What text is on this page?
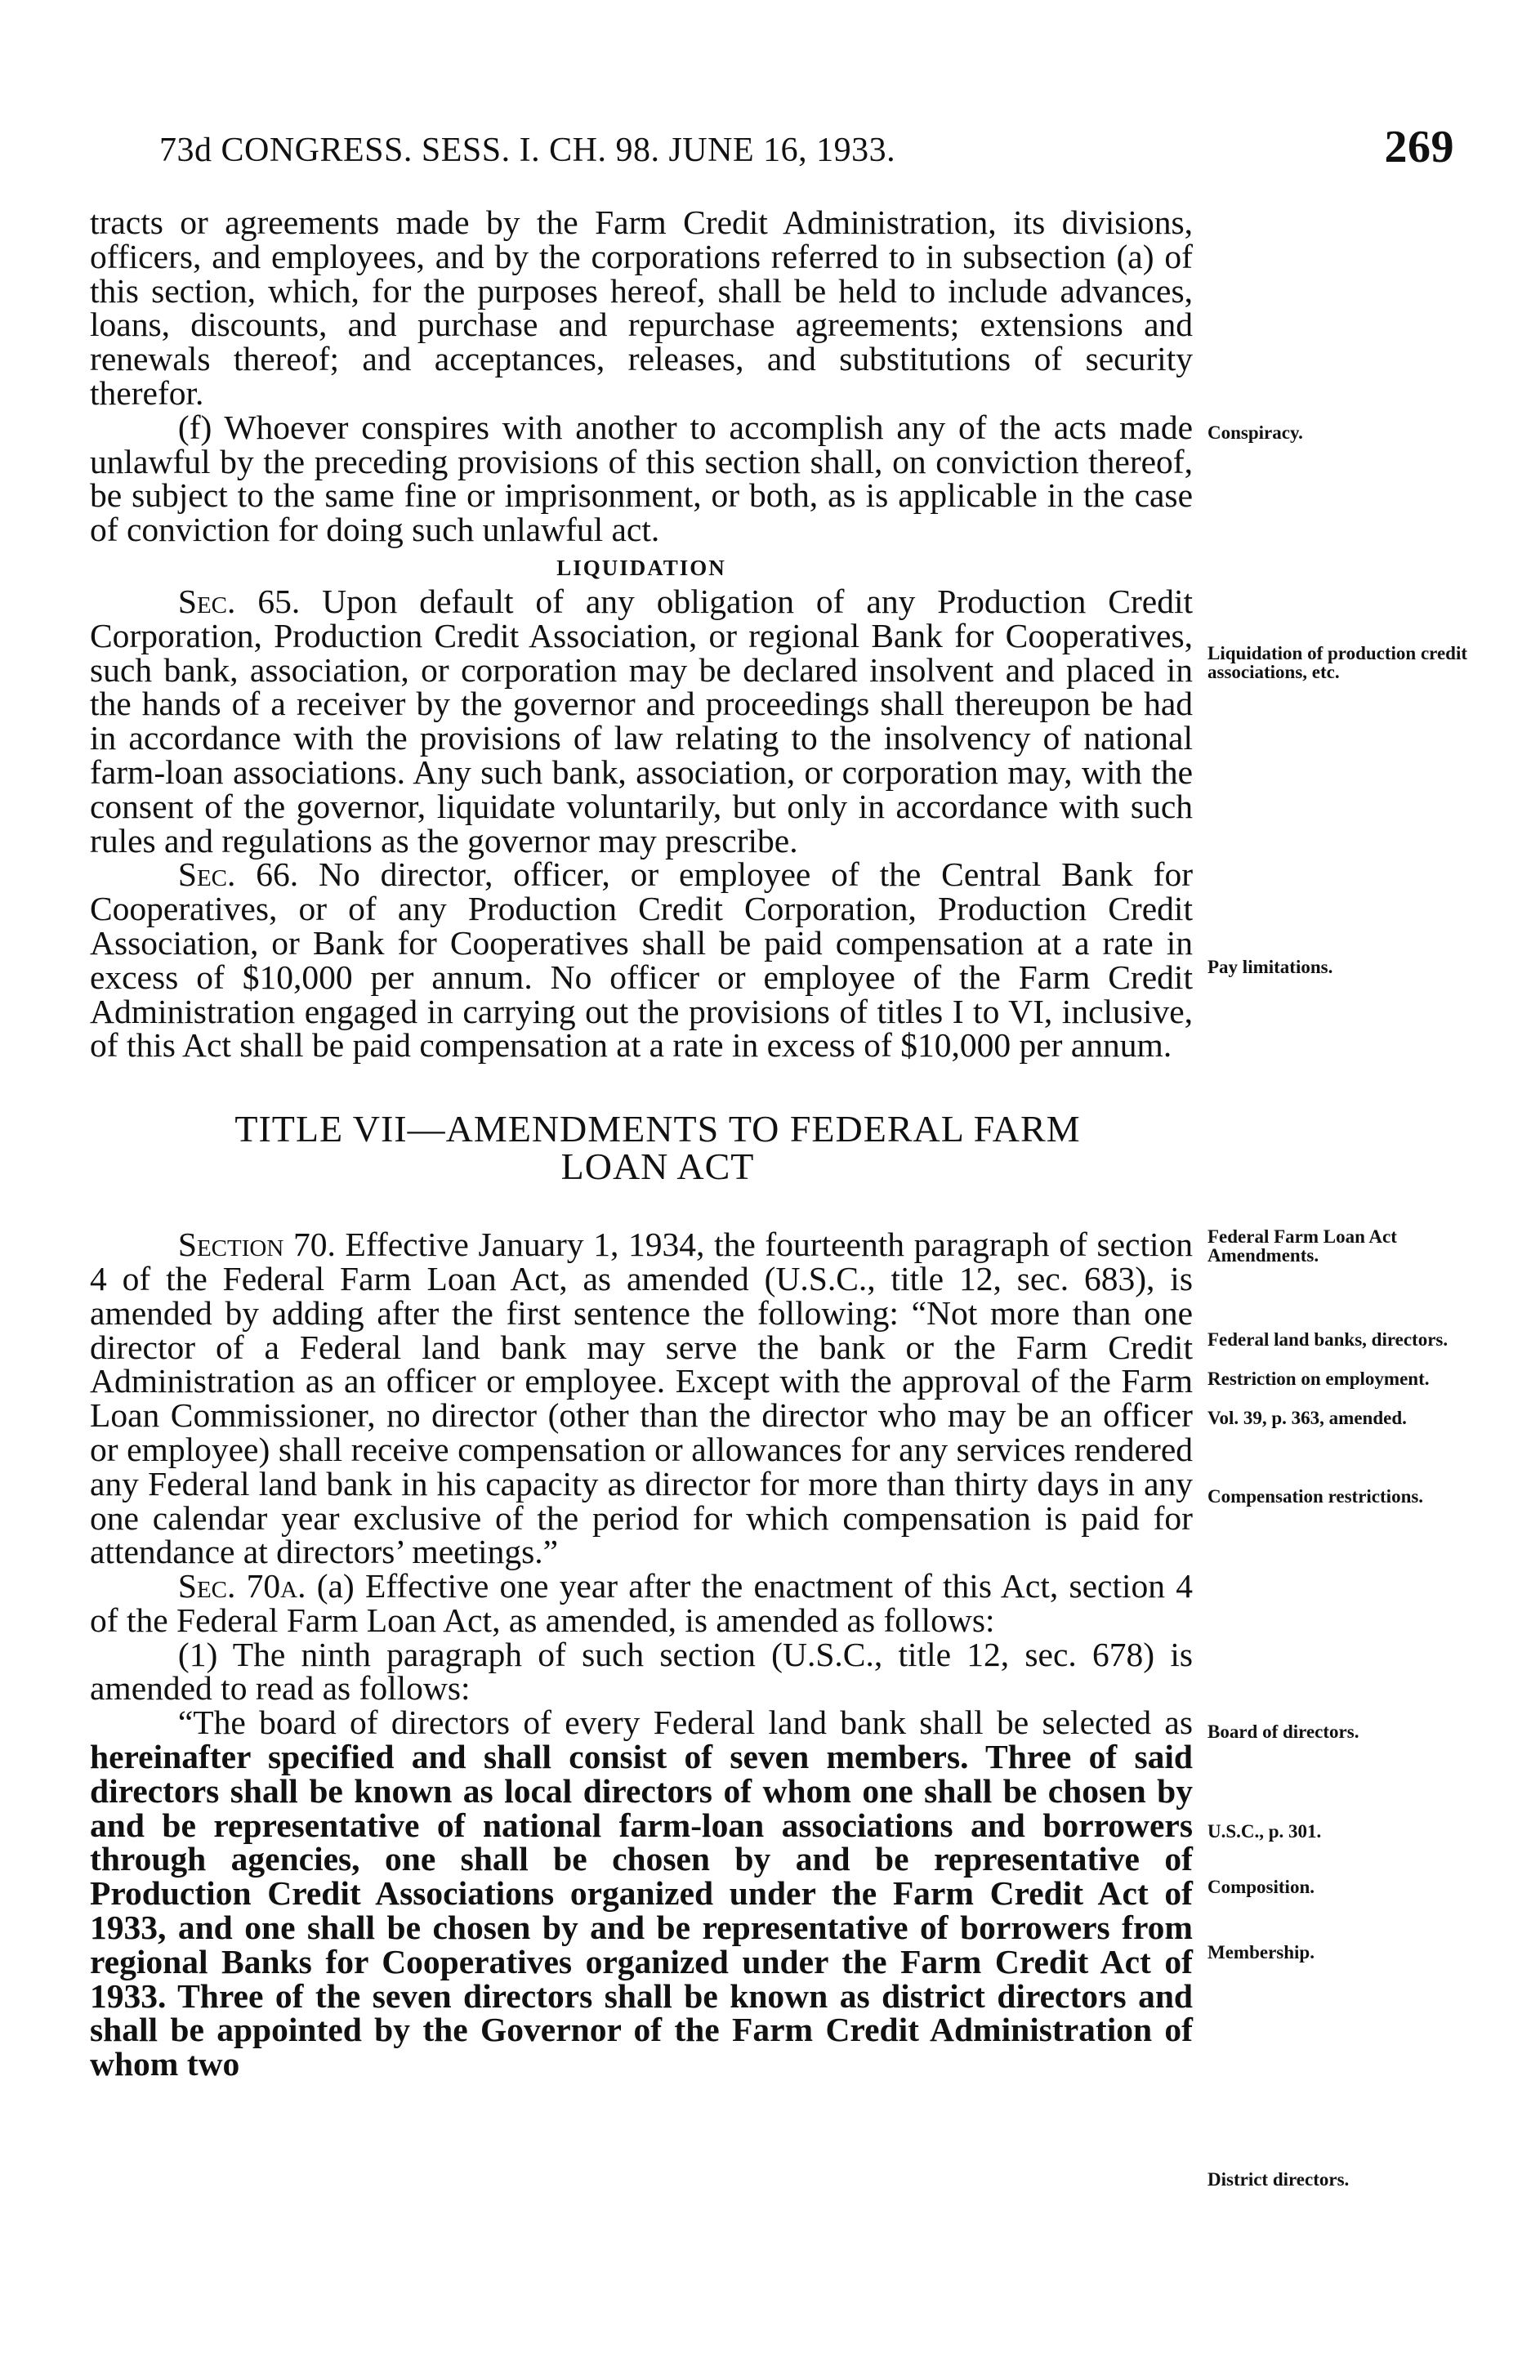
73d CONGRESS. SESS. I. CH. 98. JUNE 16, 1933.	269

tracts or agreements made by the Farm Credit Administration, its divisions, officers, and employees, and by the corporations referred to in subsection (a) of this section, which, for the purposes hereof, shall be held to include advances, loans, discounts, and purchase and repurchase agreements; extensions and renewals thereof; and acceptances, releases, and substitutions of security therefor.

(f) Whoever conspires with another to accomplish any of the acts made unlawful by the preceding provisions of this section shall, on conviction thereof, be subject to the same fine or imprisonment, or both, as is applicable in the case of conviction for doing such unlawful act.

LIQUIDATION

Sec. 65. Upon default of any obligation of any Production Credit Corporation, Production Credit Association, or regional Bank for Cooperatives, such bank, association, or corporation may be declared insolvent and placed in the hands of a receiver by the governor and proceedings shall thereupon be had in accordance with the provisions of law relating to the insolvency of national farm-loan associations. Any such bank, association, or corporation may, with the consent of the governor, liquidate voluntarily, but only in accordance with such rules and regulations as the governor may prescribe.

Sec. 66. No director, officer, or employee of the Central Bank for Cooperatives, or of any Production Credit Corporation, Production Credit Association, or Bank for Cooperatives shall be paid compensation at a rate in excess of $10,000 per annum. No officer or employee of the Farm Credit Administration engaged in carrying out the provisions of titles I to VI, inclusive, of this Act shall be paid compensation at a rate in excess of $10,000 per annum.

TITLE VII—AMENDMENTS TO FEDERAL FARM
LOAN ACT

Section 70. Effective January 1, 1934, the fourteenth paragraph of section 4 of the Federal Farm Loan Act, as amended (U.S.C., title 12, sec. 683), is amended by adding after the first sentence the following: “Not more than one director of a Federal land bank may serve the bank or the Farm Credit Administration as an officer or employee. Except with the approval of the Farm Loan Commissioner, no director (other than the director who may be an officer or employee) shall receive compensation or allowances for any services rendered any Federal land bank in his capacity as director for more than thirty days in any one calendar year exclusive of the period for which compensation is paid for attendance at directors’ meetings.”

Sec. 70a. (a) Effective one year after the enactment of this Act, section 4 of the Federal Farm Loan Act, as amended, is amended as follows:

(1) The ninth paragraph of such section (U.S.C., title 12, sec. 678) is amended to read as follows:

“The board of directors of every Federal land bank shall be selected as hereinafter specified and shall consist of seven members. Three of said directors shall be known as local directors of whom one shall be chosen by and be representative of national farm-loan associations and borrowers through agencies, one shall be chosen by and be representative of Production Credit Associations organized under the Farm Credit Act of 1933, and one shall be chosen by and be representative of borrowers from regional Banks for Cooperatives organized under the Farm Credit Act of 1933. Three of the seven directors shall be known as district directors and shall be appointed by the Governor of the Farm Credit Administration of whom two

Conspiracy.
Liquidation of production credit associations, etc.
Pay limitations.
Federal Farm Loan Act Amendments.
Federal land banks, directors.
Restriction on employment.
Vol. 39, p. 363, amended.
Compensation restrictions.
Board of directors.
U.S.C., p. 301.
Composition.
Membership.
District directors.
